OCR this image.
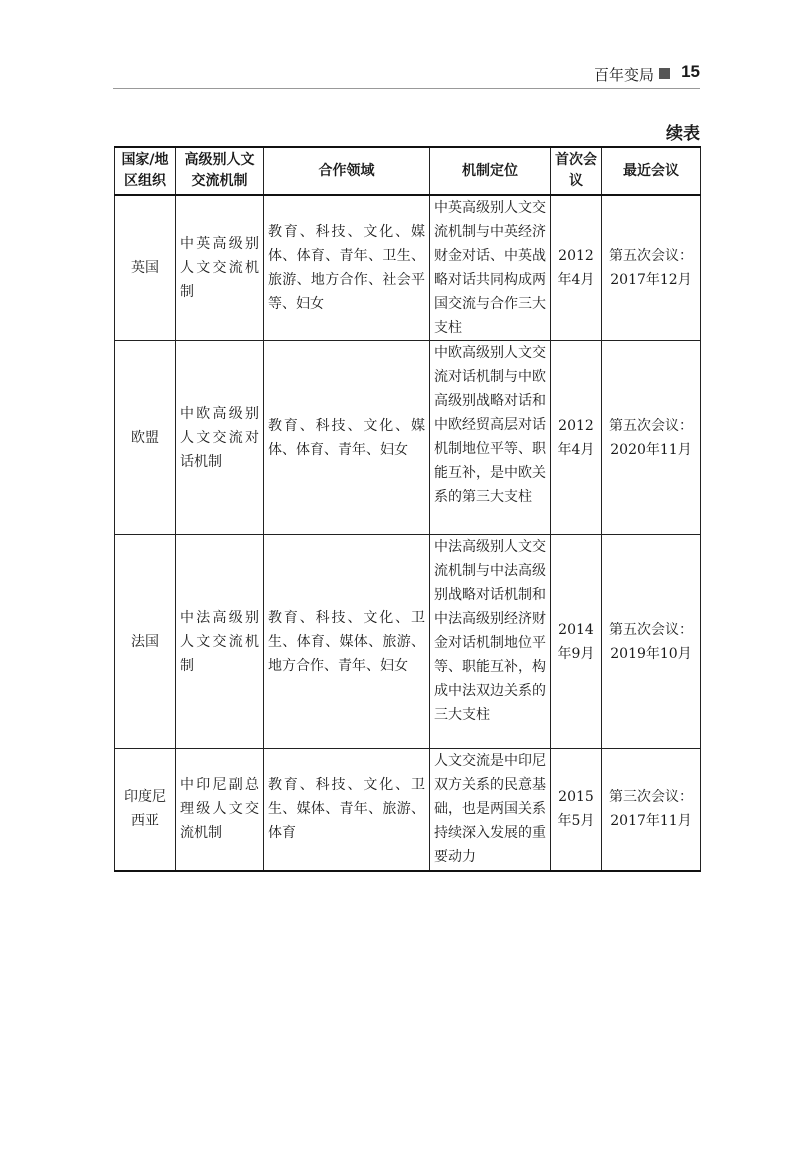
百年变局 15
续表
国家/地区组织	高级别人文交流机制	合作领域	机制定位	首次会议	最近会议
英国	中英高级别人文交流机制	教育、科技、文化、媒体、体育、青年、卫生、旅游、地方合作、社会平等、妇女	中英高级别人文交流机制与中英经济财金对话、中英战略对话共同构成两国交流与合作三大支柱	2012年4月	第五次会议：2017年12月
欧盟	中欧高级别人文交流对话机制	教育、科技、文化、媒体、体育、青年、妇女	中欧高级别人文交流对话机制与中欧高级别战略对话和中欧经贸高层对话机制地位平等、职能互补，是中欧关系的第三大支柱	2012年4月	第五次会议：2020年11月
法国	中法高级别人文交流机制	教育、科技、文化、卫生、体育、媒体、旅游、地方合作、青年、妇女	中法高级别人文交流机制与中法高级别战略对话机制和中法高级别经济财金对话机制地位平等、职能互补，构成中法双边关系的三大支柱	2014年9月	第五次会议：2019年10月
印度尼西亚	中印尼副总理级人文交流机制	教育、科技、文化、卫生、媒体、青年、旅游、体育	人文交流是中印尼双方关系的民意基础，也是两国关系持续深入发展的重要动力	2015年5月	第三次会议：2017年11月
